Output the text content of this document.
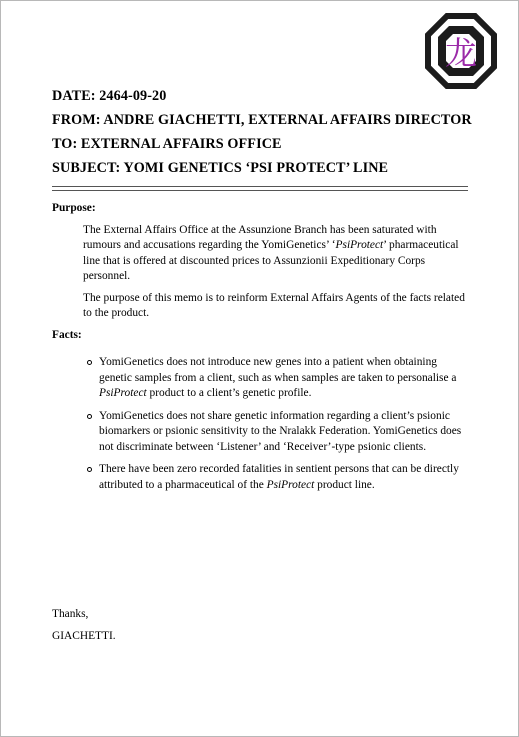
龙
DATE: 2464-09-20
FROM: ANDRE GIACHETTI, EXTERNAL AFFAIRS DIRECTOR
TO: EXTERNAL AFFAIRS OFFICE
SUBJECT: YOMI GENETICS ‘PSI PROTECT’ LINE
Purpose:

The External Affairs Office at the Assunzione Branch has been saturated with rumours and accusations regarding the YomiGenetics’ ‘PsiProtect’ pharmaceutical line that is offered at discounted prices to Assunzionii Expeditionary Corps personnel.

The purpose of this memo is to reinform External Affairs Agents of the facts related to the product.

Facts:
YomiGenetics does not introduce new genes into a patient when obtaining genetic samples from a client, such as when samples are taken to personalise a PsiProtect product to a client’s genetic profile.
YomiGenetics does not share genetic information regarding a client’s psionic biomarkers or psionic sensitivity to the Nralakk Federation. YomiGenetics does not discriminate between ‘Listener’ and ‘Receiver’-type psionic clients.
There have been zero recorded fatalities in sentient persons that can be directly attributed to a pharmaceutical of the PsiProtect product line.
Thanks,
GIACHETTI.
